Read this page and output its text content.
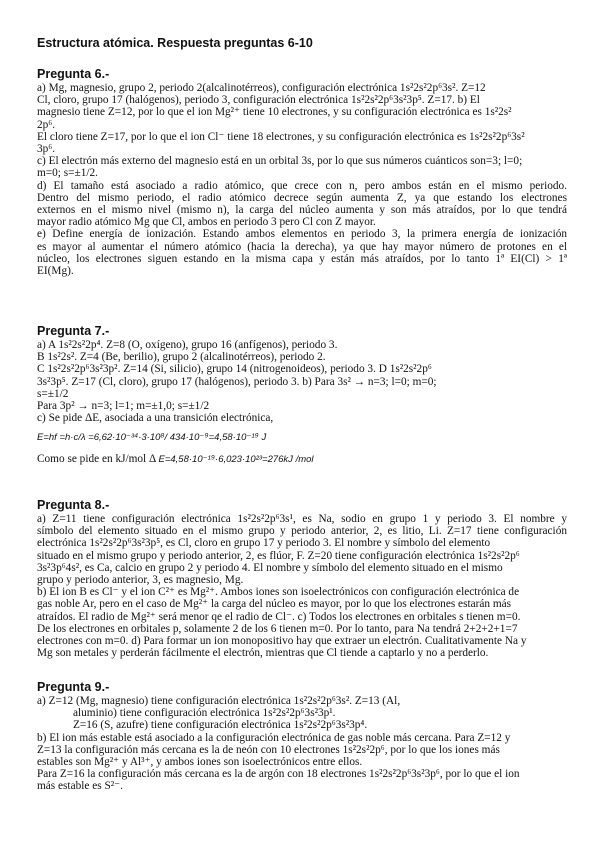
Estructura atómica. Respuesta preguntas 6-10

Pregunta 6.-

a) Mg, magnesio, grupo 2, periodo 2(alcalinotérreos), configuración electrónica 1s²2s²2p⁶3s². Z=12

Cl, cloro, grupo 17 (halógenos), periodo 3, configuración electrónica 1s²2s²2p⁶3s²3p⁵. Z=17. b) El

magnesio tiene Z=12, por lo que el ion Mg²⁺ tiene 10 electrones, y su configuración electrónica es 1s²2s²

2p⁶.

El cloro tiene Z=17, por lo que el ion Cl⁻ tiene 18 electrones, y su configuración electrónica es 1s²2s²2p⁶3s²

3p⁶.

c) El electrón más externo del magnesio está en un orbital 3s, por lo que sus números cuánticos son=3; l=0;

m=0; s=±1/2.

d) El tamaño está asociado a radio atómico, que crece con n, pero ambos están en el mismo periodo.

Dentro del mismo periodo, el radio atómico decrece según aumenta Z, ya que estando los electrones

externos en el mismo nivel (mismo n), la carga del núcleo aumenta y son más atraídos, por lo que tendrá

mayor radio atómico Mg que Cl, ambos en periodo 3 pero Cl con Z mayor.

e) Define energía de ionización. Estando ambos elementos en periodo 3, la primera energía de ionización

es mayor al aumentar el número atómico (hacia la derecha), ya que hay mayor número de protones en el

núcleo, los electrones siguen estando en la misma capa y están más atraídos, por lo tanto 1ª EI(Cl) > 1ª

EI(Mg).

Pregunta 7.-

a) A 1s²2s²2p⁴. Z=8 (O, oxígeno), grupo 16 (anfígenos), periodo 3.

B 1s²2s². Z=4 (Be, berilio), grupo 2 (alcalinotérreos), periodo 2.

C 1s²2s²2p⁶3s²3p². Z=14 (Si, silicio), grupo 14 (nitrogenoideos), periodo 3. D 1s²2s²2p⁶

3s²3p⁵. Z=17 (Cl, cloro), grupo 17 (halógenos), periodo 3. b) Para 3s² → n=3; l=0; m=0;

s=±1/2

Para 3p² → n=3; l=1; m=±1,0; s=±1/2

c) Se pide ΔE, asociada a una transición electrónica,

E=hf =h·c/λ =6,62·10⁻³⁴·3·10⁸/ 434·10⁻⁹=4,58·10⁻¹⁹ J

Como se pide en kJ/mol Δ E=4,58·10⁻¹⁹·6,023·10²³=276kJ /mol

Pregunta 8.-

a) Z=11 tiene configuración electrónica 1s²2s²2p⁶3s¹, es Na, sodio en grupo 1 y periodo 3. El nombre y

símbolo del elemento situado en el mismo grupo y periodo anterior, 2, es litio, Li. Z=17 tiene configuración

electrónica 1s²2s²2p⁶3s²3p⁵, es Cl, cloro en grupo 17 y periodo 3. El nombre y símbolo del elemento

situado en el mismo grupo y periodo anterior, 2, es flúor, F. Z=20 tiene configuración electrónica 1s²2s²2p⁶

3s²3p⁶4s², es Ca, calcio en grupo 2 y periodo 4. El nombre y símbolo del elemento situado en el mismo

grupo y periodo anterior, 3, es magnesio, Mg.

b) El ion B es Cl⁻ y el ion C²⁺ es Mg²⁺. Ambos iones son isoelectrónicos con configuración electrónica de

gas noble Ar, pero en el caso de Mg²⁺ la carga del núcleo es mayor, por lo que los electrones estarán más

atraídos. El radio de Mg²⁺ será menor qe el radio de Cl⁻. c) Todos los electrones en orbitales s tienen m=0.

De los electrones en orbitales p, solamente 2 de los 6 tienen m=0. Por lo tanto, para Na tendrá 2+2+2+1=7

electrones con m=0. d) Para formar un ion monopositivo hay que extraer un electrón. Cualitativamente Na y

Mg son metales y perderán fácilmente el electrón, mientras que Cl tiende a captarlo y no a perderlo.

Pregunta 9.-

a) Z=12 (Mg, magnesio) tiene configuración electrónica 1s²2s²2p⁶3s². Z=13 (Al,

aluminio) tiene configuración electrónica 1s²2s²2p⁶3s²3p¹.

Z=16 (S, azufre) tiene configuración electrónica 1s²2s²2p⁶3s²3p⁴.

b) El ion más estable está asociado a la configuración electrónica de gas noble más cercana. Para Z=12 y

Z=13 la configuración más cercana es la de neón con 10 electrones 1s²2s²2p⁶, por lo que los iones más

estables son Mg²⁺ y Al³⁺, y ambos iones son isoelectrónicos entre ellos.

Para Z=16 la configuración más cercana es la de argón con 18 electrones 1s²2s²2p⁶3s²3p⁶, por lo que el ion

más estable es S²⁻.
